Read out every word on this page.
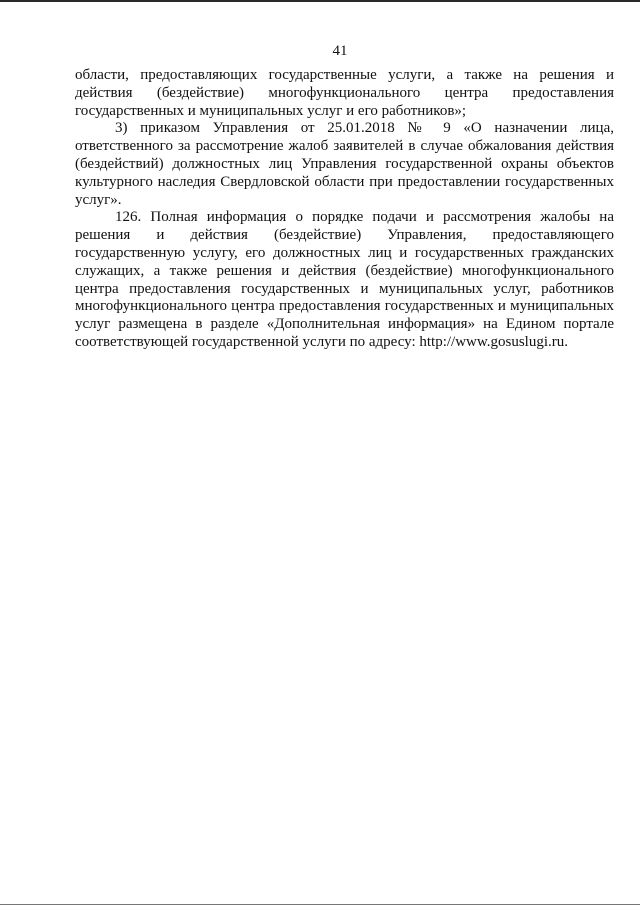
41

области, предоставляющих государственные услуги, а также на решения и действия (бездействие) многофункционального центра предоставления государственных и муниципальных услуг и его работников»;

3) приказом Управления от 25.01.2018 № 9 «О назначении лица, ответственного за рассмотрение жалоб заявителей в случае обжалования действия (бездействий) должностных лиц Управления государственной охраны объектов культурного наследия Свердловской области при предоставлении государственных услуг».

126. Полная информация о порядке подачи и рассмотрения жалобы на решения и действия (бездействие) Управления, предоставляющего государственную услугу, его должностных лиц и государственных гражданских служащих, а также решения и действия (бездействие) многофункционального центра предоставления государственных и муниципальных услуг, работников многофункционального центра предоставления государственных и муниципальных услуг размещена в разделе «Дополнительная информация» на Едином портале соответствующей государственной услуги по адресу: http://www.gosuslugi.ru.
